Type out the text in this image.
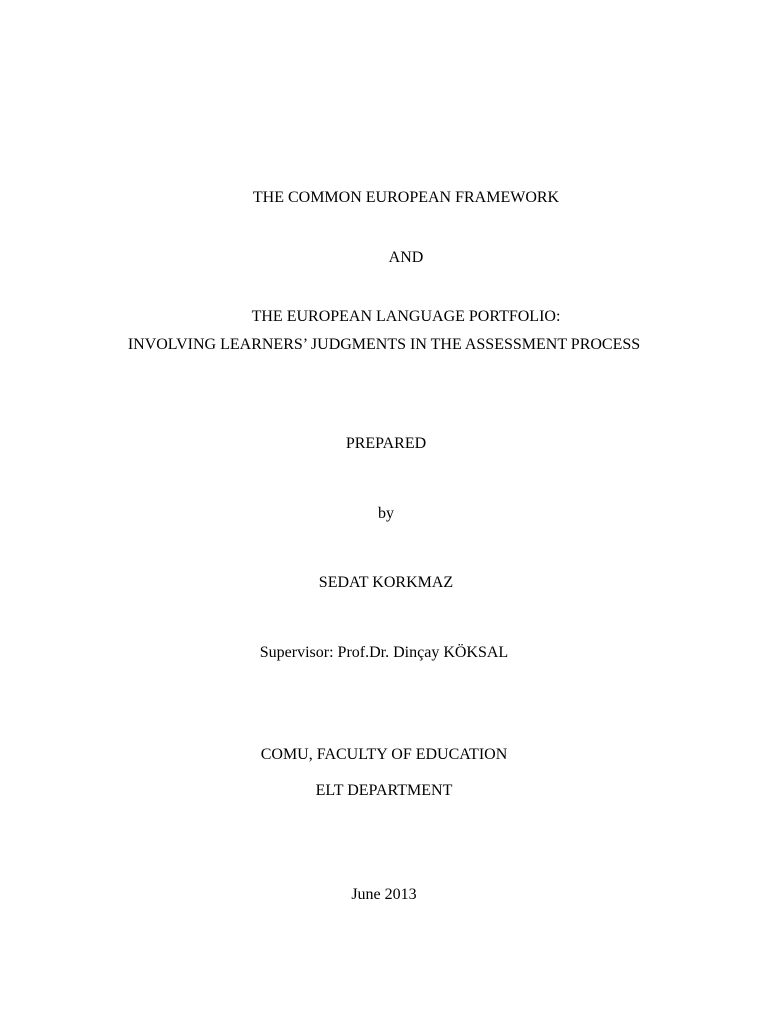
THE COMMON EUROPEAN FRAMEWORK
AND
THE EUROPEAN LANGUAGE PORTFOLIO:
INVOLVING LEARNERS’ JUDGMENTS IN THE ASSESSMENT PROCESS
PREPARED
by
SEDAT KORKMAZ
Supervisor: Prof.Dr. Dinçay KÖKSAL
COMU, FACULTY OF EDUCATION
ELT DEPARTMENT
June 2013
